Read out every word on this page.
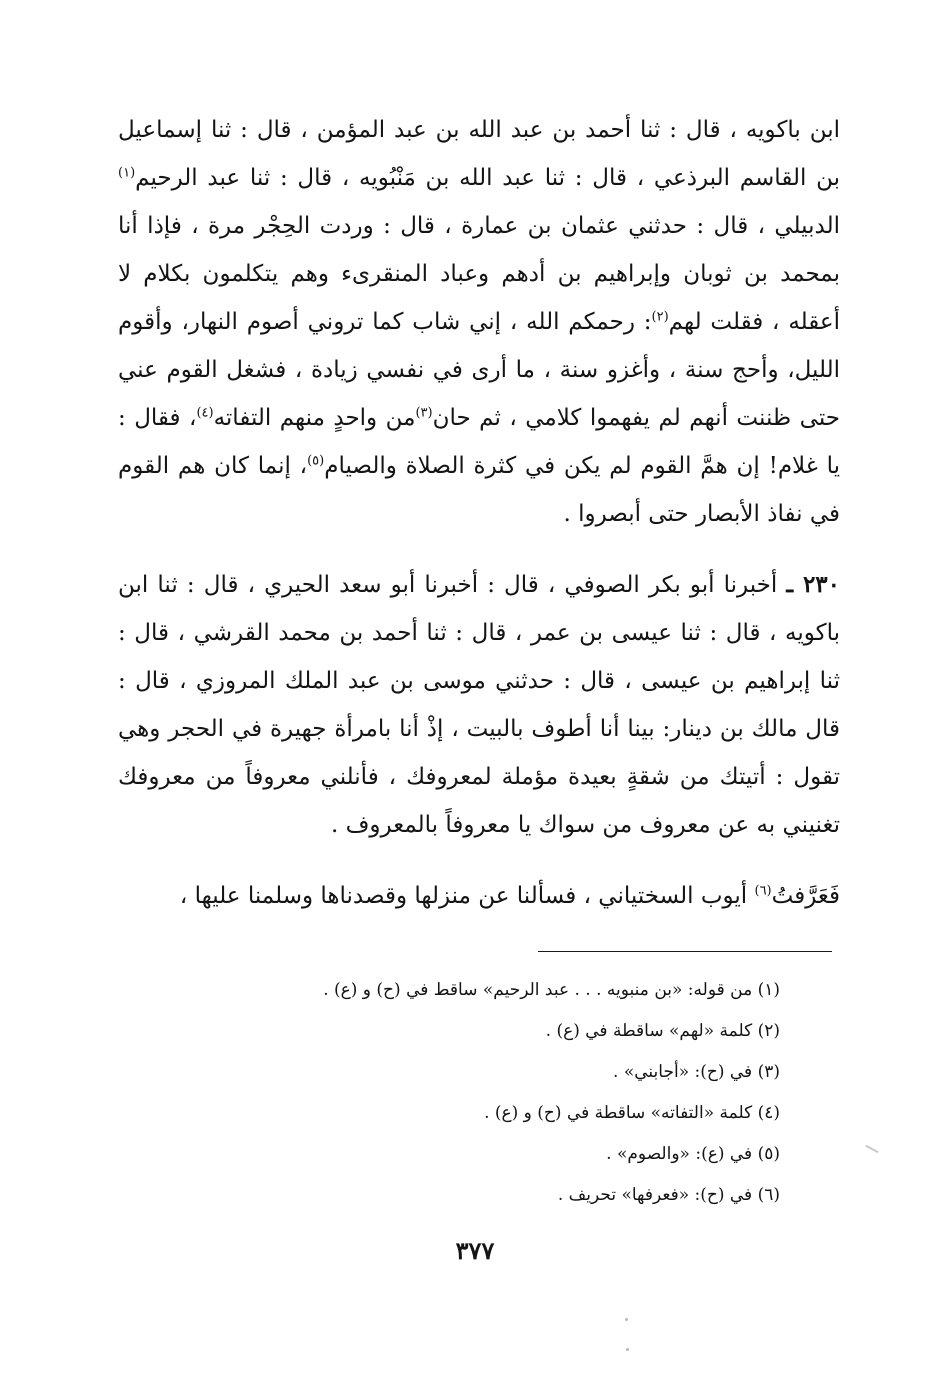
ابن باكويه ، قال : ثنا أحمد بن عبد الله بن عبد المؤمن ، قال : ثنا إسماعيل بن القاسم البرذعي ، قال : ثنا عبد الله بن مَنْبُويه ، قال : ثنا عبد الرحيم$^{(١)}$ الدبيلي ، قال : حدثني عثمان بن عمارة ، قال : وردت الحِجْر مرة ، فإذا أنا بمحمد بن ثوبان وإبراهيم بن أدهم وعباد المنقرىء وهم يتكلمون بكلام لا أعقله ، فقلت لهم$^{(٢)}$: رحمكم الله ، إني شاب كما تروني أصوم النهار، وأقوم الليل، وأحج سنة ، وأغزو سنة ، ما أرى في نفسي زيادة ، فشغل القوم عني حتى ظننت أنهم لم يفهموا كلامي ، ثم حان$^{(٣)}$من واحدٍ منهم التفاته$^{(٤)}$، فقال : يا غلام! إن همَّ القوم لم يكن في كثرة الصلاة والصيام$^{(٥)}$، إنما كان هم القوم في نفاذ الأبصار حتى أبصروا .

٢٣٠ ـ أخبرنا أبو بكر الصوفي ، قال : أخبرنا أبو سعد الحيري ، قال : ثنا ابن باكويه ، قال : ثنا عيسى بن عمر ، قال : ثنا أحمد بن محمد القرشي ، قال : ثنا إبراهيم بن عيسى ، قال : حدثني موسى بن عبد الملك المروزي ، قال : قال مالك بن دينار: بينا أنا أطوف بالبيت ، إذْ أنا بامرأة جهيرة في الحجر وهي تقول : أتيتك من شقةٍ بعيدة مؤملة لمعروفك ، فأنلني معروفاً من معروفك تغنيني به عن معروف من سواك يا معروفاً بالمعروف .

فَعَرَّفتُ$^{(٦)}$ أيوب السختياني ، فسألنا عن منزلها وقصدناها وسلمنا عليها ،

(١) من قوله: «بن منبويه . . . عبد الرحيم» ساقط في (ح) و (ع) .
(٢) كلمة «لهم» ساقطة في (ع) .
(٣) في (ح): «أجابني» .
(٤) كلمة «التفاته» ساقطة في (ح) و (ع) .
(٥) في (ع): «والصوم» .
(٦) في (ح): «فعرفها» تحريف .
٣٧٧
